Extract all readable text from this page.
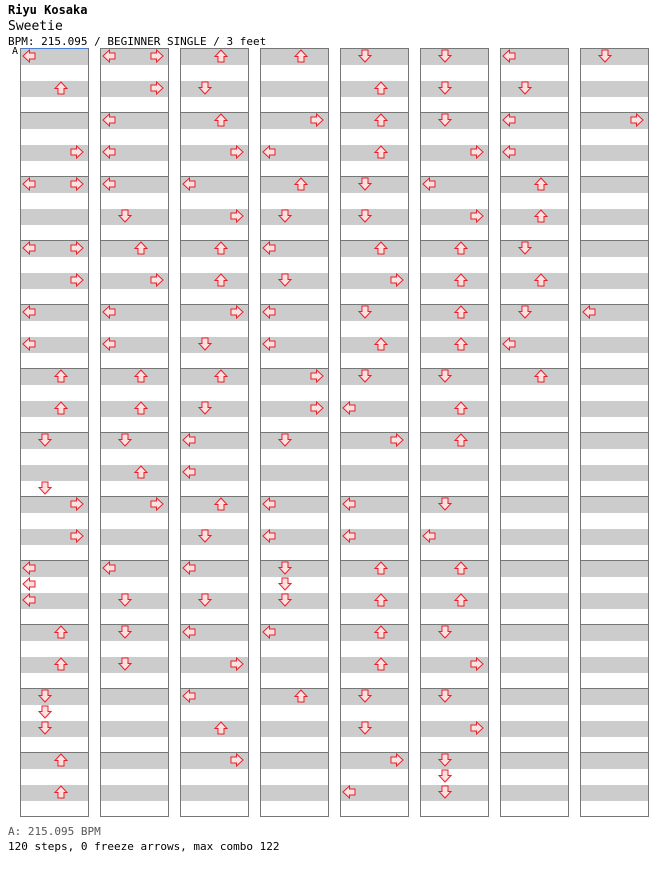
Riyu Kosaka
Sweetie
BPM: 215.095 / BEGINNER SINGLE / 3 feet
A
A: 215.095 BPM
120 steps, 0 freeze arrows, max combo 122
